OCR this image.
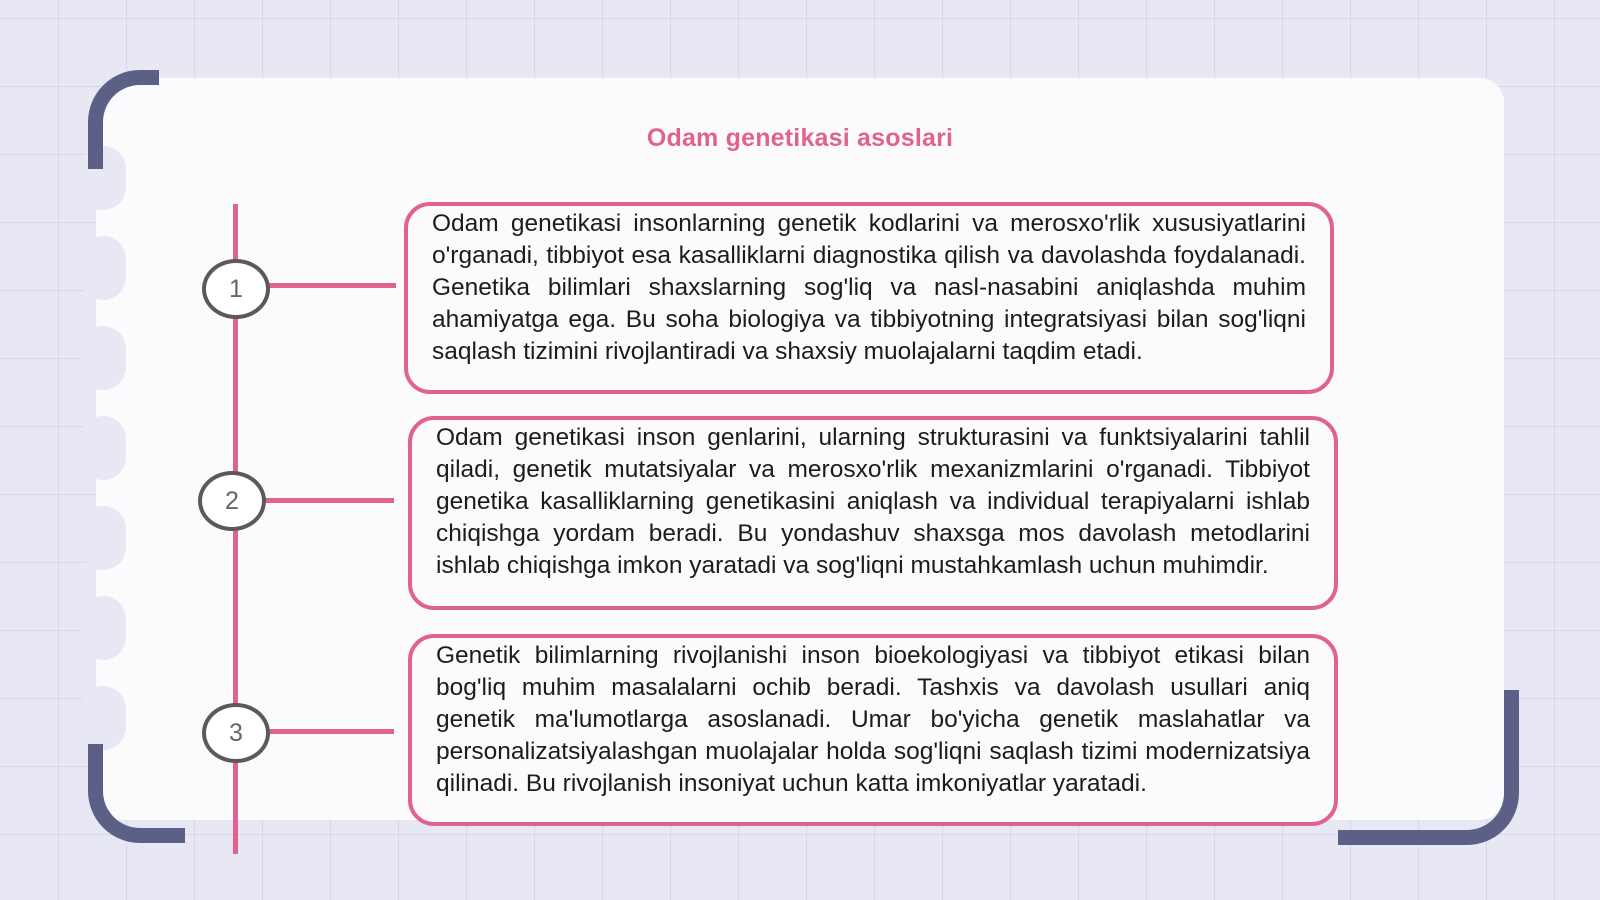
Odam genetikasi asoslari
1
Odam genetikasi insonlarning genetik kodlarini va merosxo'rlik xususiyatlarini o'rganadi, tibbiyot esa kasalliklarni diagnostika qilish va davolashda foydalanadi. Genetika bilimlari shaxslarning sog'liq va nasl-nasabini aniqlashda muhim ahamiyatga ega. Bu soha biologiya va tibbiyotning integratsiyasi bilan sog'liqni saqlash tizimini rivojlantiradi va shaxsiy muolajalarni taqdim etadi.
2
Odam genetikasi inson genlarini, ularning strukturasini va funktsiyalarini tahlil qiladi, genetik mutatsiyalar va merosxo'rlik mexanizmlarini o'rganadi. Tibbiyot genetika kasalliklarning genetikasini aniqlash va individual terapiyalarni ishlab chiqishga yordam beradi. Bu yondashuv shaxsga mos davolash metodlarini ishlab chiqishga imkon yaratadi va sog'liqni mustahkamlash uchun muhimdir.
3
Genetik bilimlarning rivojlanishi inson bioekologiyasi va tibbiyot etikasi bilan bog'liq muhim masalalarni ochib beradi. Tashxis va davolash usullari aniq genetik ma'lumotlarga asoslanadi. Umar bo'yicha genetik maslahatlar va personalizatsiyalashgan muolajalar holda sog'liqni saqlash tizimi modernizatsiya qilinadi. Bu rivojlanish insoniyat uchun katta imkoniyatlar yaratadi.
